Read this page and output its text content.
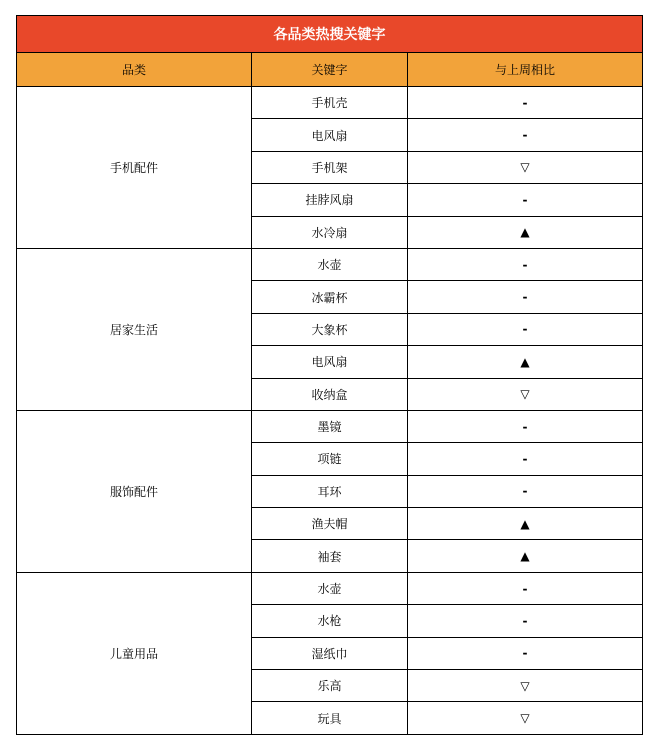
各品类热搜关键字		
品类	关键字	与上周相比
手机配件	手机壳	-
	电风扇	-
	手机架	▽
	挂脖风扇	-
	水冷扇	▲
居家生活	水壶	-
	冰霸杯	-
	大象杯	-
	电风扇	▲
	收纳盒	▽
服饰配件	墨镜	-
	项链	-
	耳环	-
	渔夫帽	▲
	袖套	▲
儿童用品	水壶	-
	水枪	-
	湿纸巾	-
	乐高	▽
	玩具	▽
